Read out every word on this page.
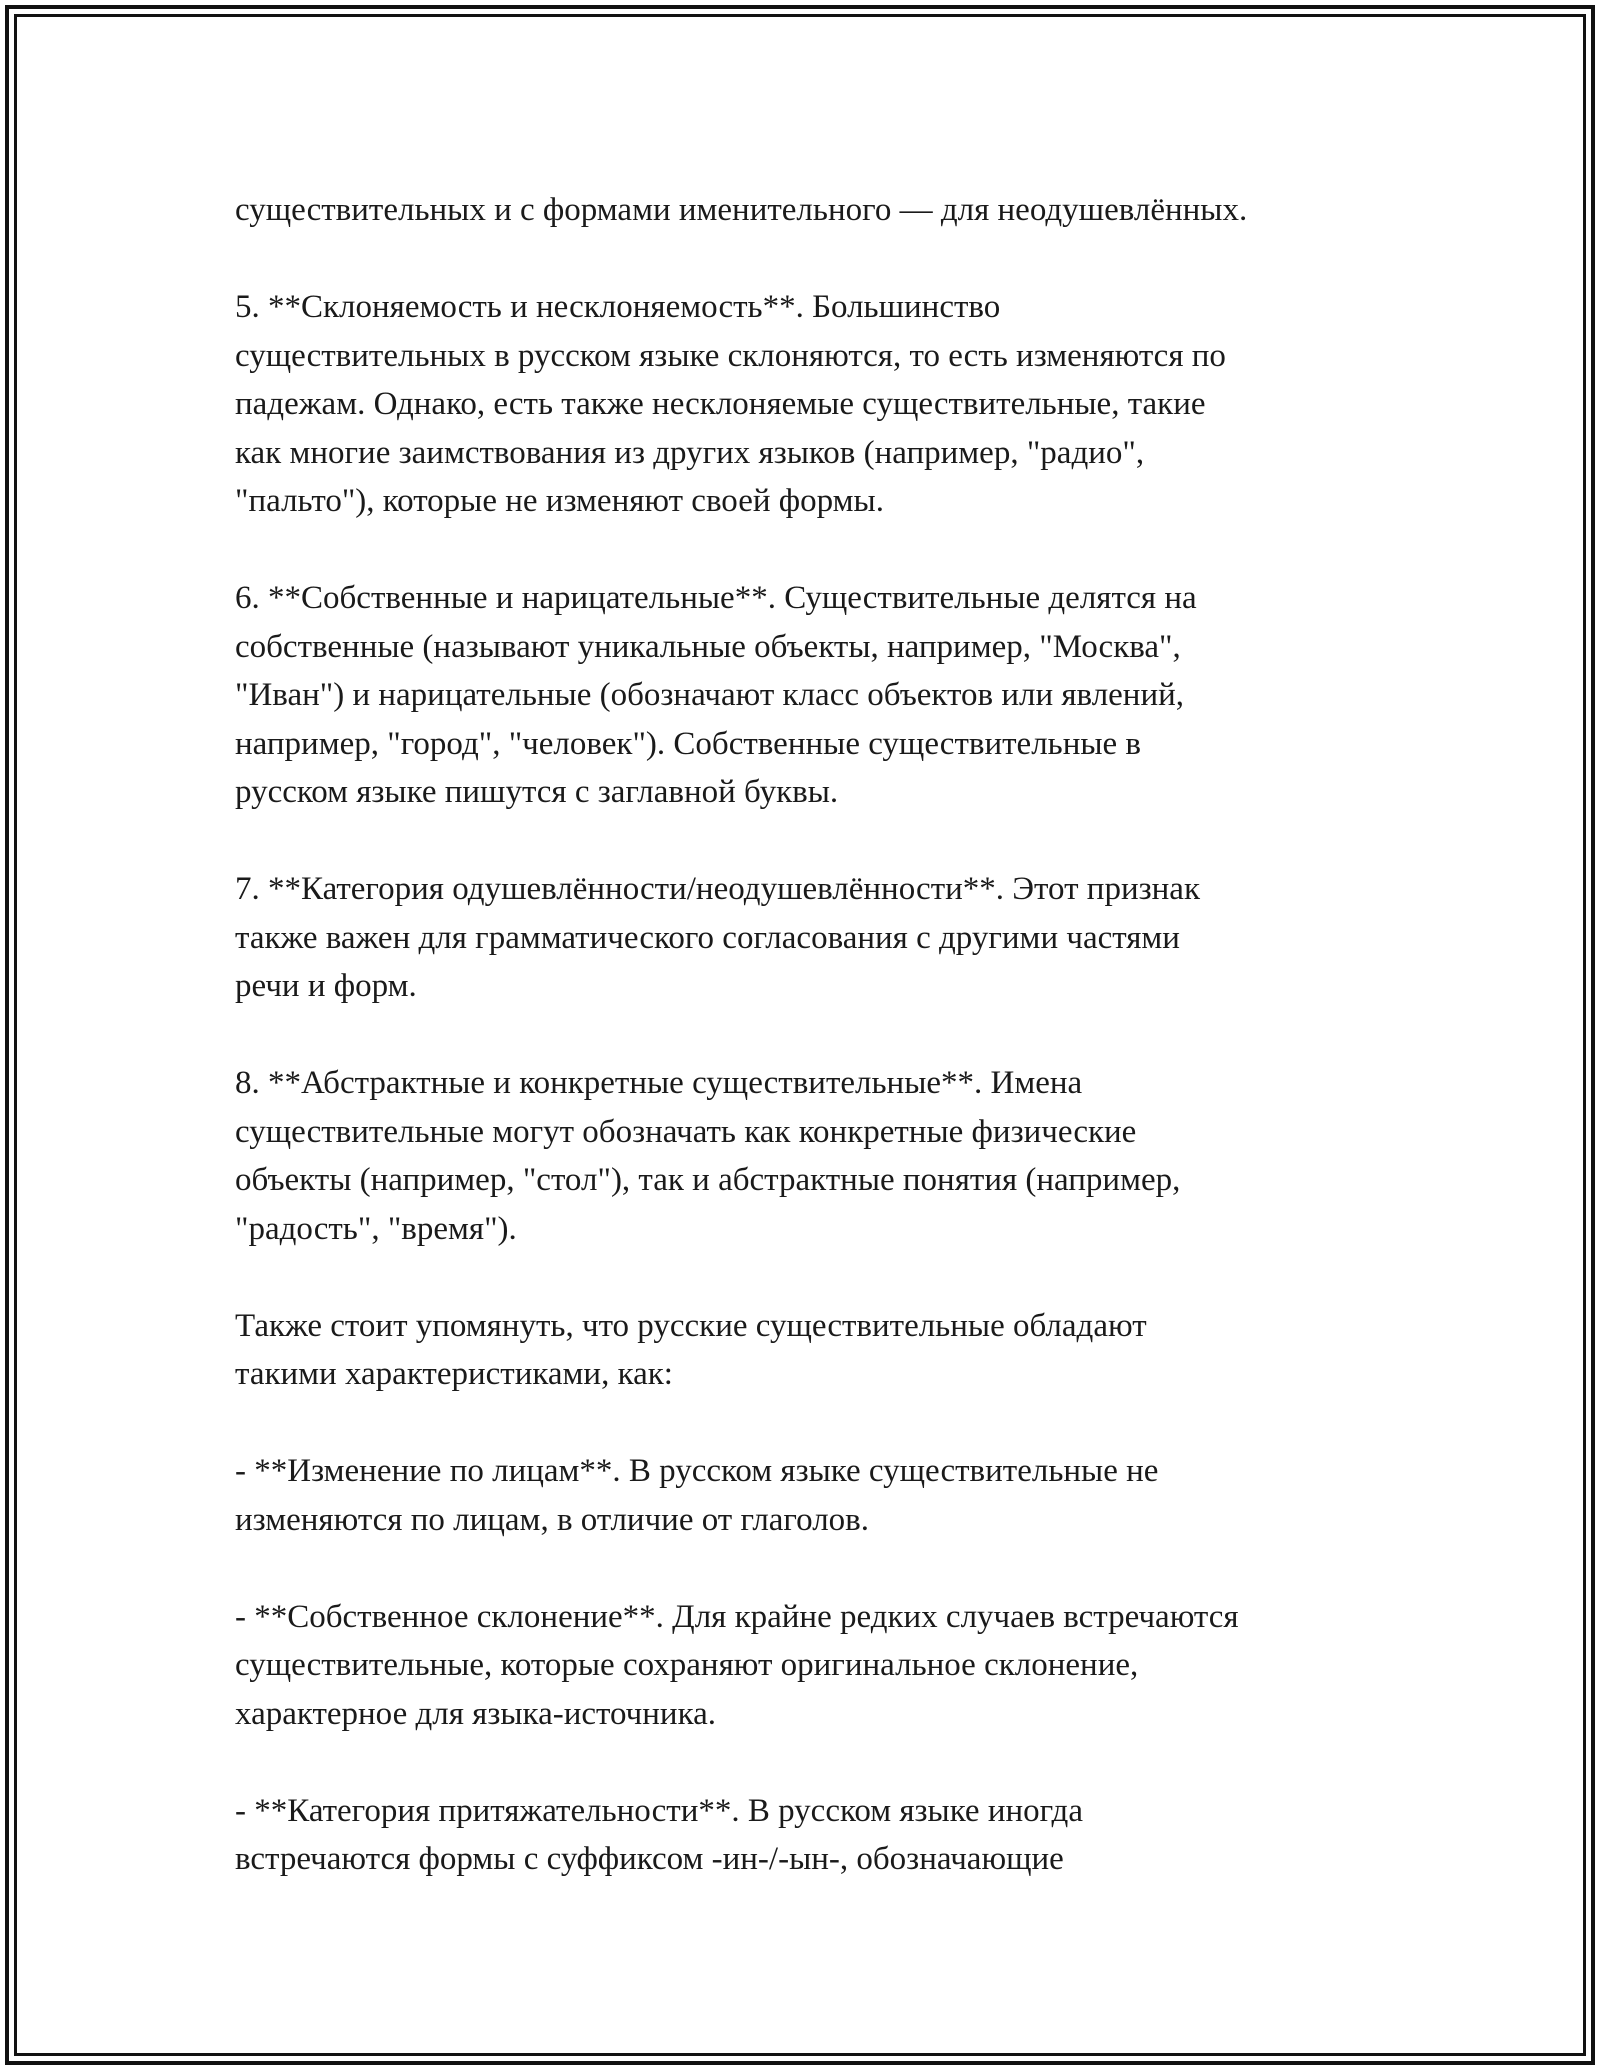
существительных и с формами именительного — для неодушевлённых.

5. **Склоняемость и несклоняемость**. Большинство
существительных в русском языке склоняются, то есть изменяются по
падежам. Однако, есть также несклоняемые существительные, такие
как многие заимствования из других языков (например, "радио",
"пальто"), которые не изменяют своей формы.

6. **Собственные и нарицательные**. Существительные делятся на
собственные (называют уникальные объекты, например, "Москва",
"Иван") и нарицательные (обозначают класс объектов или явлений,
например, "город", "человек"). Собственные существительные в
русском языке пишутся с заглавной буквы.

7. **Категория одушевлённости/неодушевлённости**. Этот признак
также важен для грамматического согласования с другими частями
речи и форм.

8. **Абстрактные и конкретные существительные**. Имена
существительные могут обозначать как конкретные физические
объекты (например, "стол"), так и абстрактные понятия (например,
"радость", "время").

Также стоит упомянуть, что русские существительные обладают
такими характеристиками, как:

- **Изменение по лицам**. В русском языке существительные не
изменяются по лицам, в отличие от глаголов.

- **Собственное склонение**. Для крайне редких случаев встречаются
существительные, которые сохраняют оригинальное склонение,
характерное для языка-источника.

- **Категория притяжательности**. В русском языке иногда
встречаются формы с суффиксом -ин-/-ын-, обозначающие
